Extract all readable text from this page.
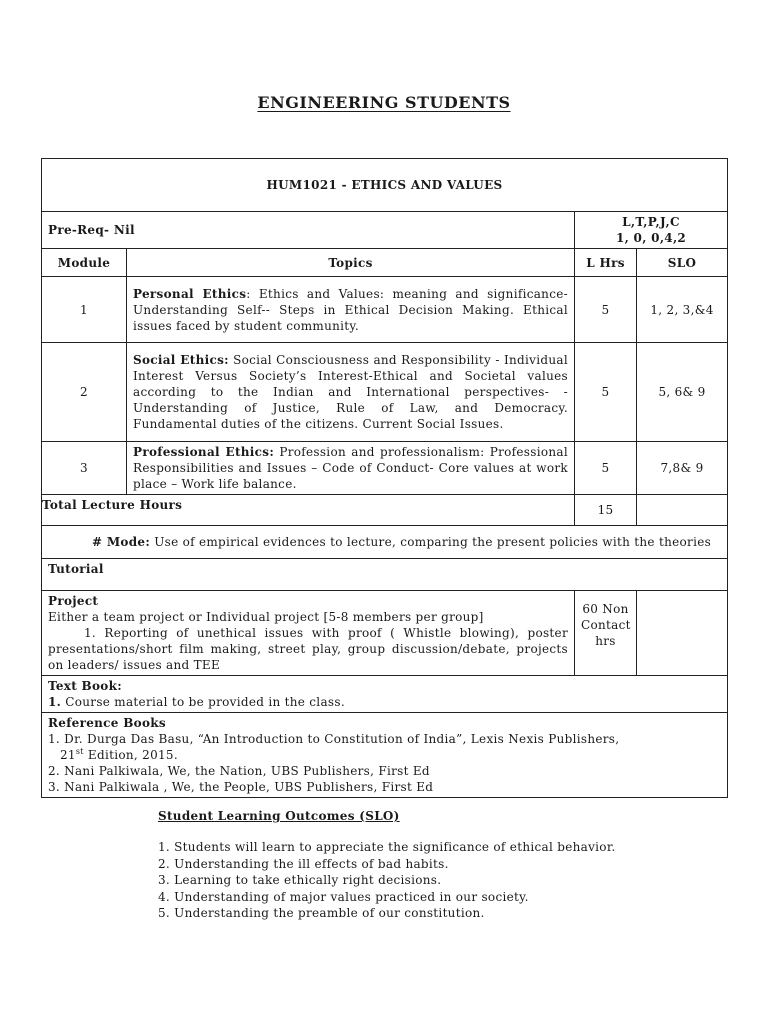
ENGINEERING STUDENTS
HUM1021 - ETHICS AND VALUES			
Pre-Req- Nil		L,T,P,J,C
1, 0, 0,4,2	

Module	Topics	L Hrs	SLO
1	Personal Ethics: Ethics and Values: meaning and significance- Understanding Self-- Steps in Ethical Decision Making. Ethical issues faced by student community.	5	1, 2, 3,&4
2	Social Ethics: Social Consciousness and Responsibility - Individual Interest Versus Society’s Interest-Ethical and Societal values according to the Indian and International perspectives- -Understanding of Justice, Rule of Law, and Democracy. Fundamental duties of the citizens. Current Social Issues.	5	5, 6& 9
3	Professional Ethics: Profession and professionalism: Professional Responsibilities and Issues – Code of Conduct- Core values at work place – Work life balance.	5	7,8& 9
Total Lecture Hours		15	
# Mode: Use of empirical evidences to lecture, comparing the present policies with the theories			
Tutorial			

Project
Either a team project or Individual project [5-8 members per group]
1. Reporting of unethical issues with proof ( Whistle blowing), poster presentations/short film making, street play, group discussion/debate, projects on leaders/ issues and TEE		60 Non Contact hrs	

Text Book:
1. Course material to be provided in the class.			

Reference Books
1. Dr. Durga Das Basu, “An Introduction to Constitution of India”, Lexis Nexis Publishers,
21st Edition, 2015.
2. Nani Palkiwala, We, the Nation, UBS Publishers, First Ed
3. Nani Palkiwala , We, the People, UBS Publishers, First Ed			
Student Learning Outcomes (SLO)
1. Students will learn to appreciate the significance of ethical behavior.
2. Understanding the ill effects of bad habits.
3. Learning to take ethically right decisions.
4. Understanding of major values practiced in our society.
5. Understanding the preamble of our constitution.
